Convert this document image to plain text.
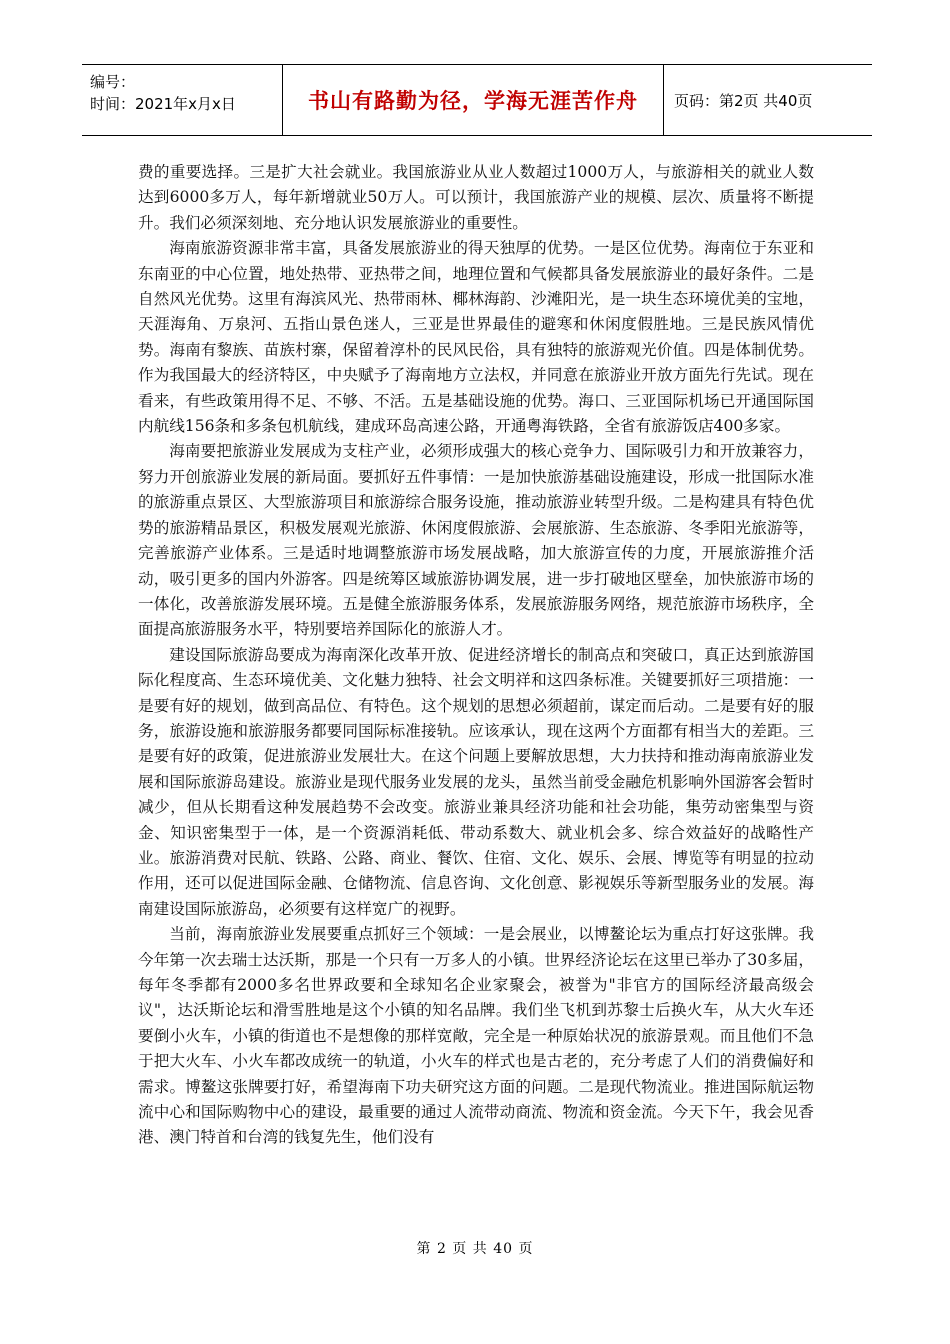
编号：
时间：2021年x月x日	书山有路勤为径，学海无涯苦作舟 页码：第2页 共40页

费的重要选择。三是扩大社会就业。我国旅游业从业人数超过1000万人，与旅游相关的就业人数达到6000多万人，每年新增就业50万人。可以预计，我国旅游产业的规模、层次、质量将不断提升。我们必须深刻地、充分地认识发展旅游业的重要性。

海南旅游资源非常丰富，具备发展旅游业的得天独厚的优势。一是区位优势。海南位于东亚和东南亚的中心位置，地处热带、亚热带之间，地理位置和气候都具备发展旅游业的最好条件。二是自然风光优势。这里有海滨风光、热带雨林、椰林海韵、沙滩阳光，是一块生态环境优美的宝地，天涯海角、万泉河、五指山景色迷人，三亚是世界最佳的避寒和休闲度假胜地。三是民族风情优势。海南有黎族、苗族村寨，保留着淳朴的民风民俗，具有独特的旅游观光价值。四是体制优势。作为我国最大的经济特区，中央赋予了海南地方立法权，并同意在旅游业开放方面先行先试。现在看来，有些政策用得不足、不够、不活。五是基础设施的优势。海口、三亚国际机场已开通国际国内航线156条和多条包机航线，建成环岛高速公路，开通粤海铁路，全省有旅游饭店400多家。

海南要把旅游业发展成为支柱产业，必须形成强大的核心竞争力、国际吸引力和开放兼容力，努力开创旅游业发展的新局面。要抓好五件事情：一是加快旅游基础设施建设，形成一批国际水准的旅游重点景区、大型旅游项目和旅游综合服务设施，推动旅游业转型升级。二是构建具有特色优势的旅游精品景区，积极发展观光旅游、休闲度假旅游、会展旅游、生态旅游、冬季阳光旅游等，完善旅游产业体系。三是适时地调整旅游市场发展战略，加大旅游宣传的力度，开展旅游推介活动，吸引更多的国内外游客。四是统筹区域旅游协调发展，进一步打破地区壁垒，加快旅游市场的一体化，改善旅游发展环境。五是健全旅游服务体系，发展旅游服务网络，规范旅游市场秩序，全面提高旅游服务水平，特别要培养国际化的旅游人才。

建设国际旅游岛要成为海南深化改革开放、促进经济增长的制高点和突破口，真正达到旅游国际化程度高、生态环境优美、文化魅力独特、社会文明祥和这四条标准。关键要抓好三项措施：一是要有好的规划，做到高品位、有特色。这个规划的思想必须超前，谋定而后动。二是要有好的服务，旅游设施和旅游服务都要同国际标准接轨。应该承认，现在这两个方面都有相当大的差距。三是要有好的政策，促进旅游业发展壮大。在这个问题上要解放思想，大力扶持和推动海南旅游业发展和国际旅游岛建设。旅游业是现代服务业发展的龙头，虽然当前受金融危机影响外国游客会暂时减少，但从长期看这种发展趋势不会改变。旅游业兼具经济功能和社会功能，集劳动密集型与资金、知识密集型于一体，是一个资源消耗低、带动系数大、就业机会多、综合效益好的战略性产业。旅游消费对民航、铁路、公路、商业、餐饮、住宿、文化、娱乐、会展、博览等有明显的拉动作用，还可以促进国际金融、仓储物流、信息咨询、文化创意、影视娱乐等新型服务业的发展。海南建设国际旅游岛，必须要有这样宽广的视野。

当前，海南旅游业发展要重点抓好三个领域：一是会展业，以博鳌论坛为重点打好这张牌。我今年第一次去瑞士达沃斯，那是一个只有一万多人的小镇。世界经济论坛在这里已举办了30多届，每年冬季都有2000多名世界政要和全球知名企业家聚会，被誉为"非官方的国际经济最高级会议"，达沃斯论坛和滑雪胜地是这个小镇的知名品牌。我们坐飞机到苏黎士后换火车，从大火车还要倒小火车，小镇的街道也不是想像的那样宽敞，完全是一种原始状况的旅游景观。而且他们不急于把大火车、小火车都改成统一的轨道，小火车的样式也是古老的，充分考虑了人们的消费偏好和需求。博鳌这张牌要打好，希望海南下功夫研究这方面的问题。二是现代物流业。推进国际航运物流中心和国际购物中心的建设，最重要的通过人流带动商流、物流和资金流。今天下午，我会见香港、澳门特首和台湾的钱复先生，他们没有

第 2 页 共 40 页
